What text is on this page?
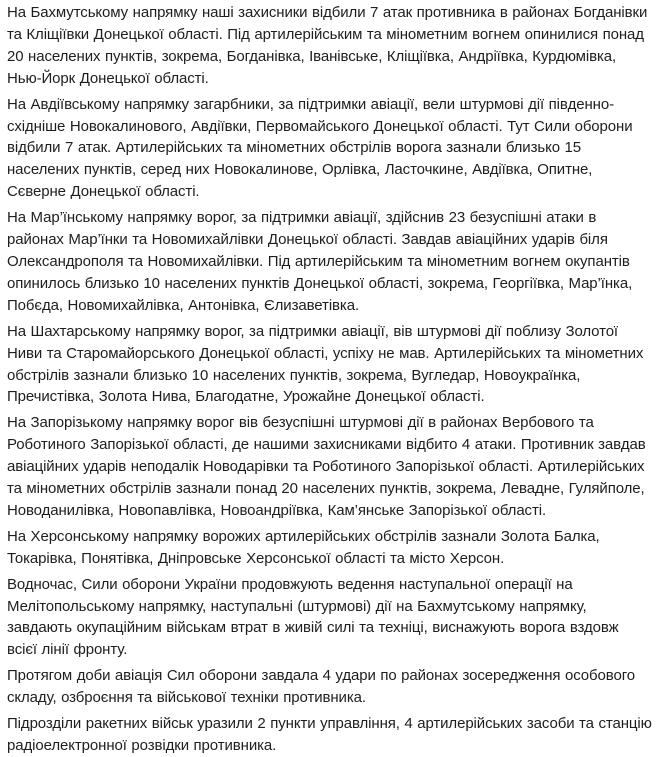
На Бахмутському напрямку наші захисники відбили 7 атак противника в районах Богданівки та Кліщіївки Донецької області. Під артилерійським та мінометним вогнем опинилися понад 20 населених пунктів, зокрема, Богданівка, Іванівське, Кліщіївка, Андріївка, Курдюмівка, Нью-Йорк Донецької області.

На Авдіївському напрямку загарбники, за підтримки авіації, вели штурмові дії південно-східніше Новокалинового, Авдіївки, Первомайського Донецької області. Тут Сили оборони відбили 7 атак. Артилерійських та мінометних обстрілів ворога зазнали близько 15 населених пунктів, серед них Новокалинове, Орлівка, Ласточкине, Авдіївка, Опитне, Сєверне Донецької області.

На Мар’їнському напрямку ворог, за підтримки авіації, здійснив 23 безуспішні атаки в районах Мар’їнки та Новомихайлівки Донецької області. Завдав авіаційних ударів біля Олександрополя та Новомихайлівки. Під артилерійським та мінометним вогнем окупантів опинилось близько 10 населених пунктів Донецької області, зокрема, Георгіївка, Мар’їнка, Побєда, Новомихайлівка, Антонівка, Єлизаветівка.

На Шахтарському напрямку ворог, за підтримки авіації, вів штурмові дії поблизу Золотої Ниви та Старомайорського Донецької області, успіху не мав. Артилерійських та мінометних обстрілів зазнали близько 10 населених пунктів, зокрема, Вугледар, Новоукраїнка, Пречистівка, Золота Нива, Благодатне, Урожайне Донецької області.

На Запорізькому напрямку ворог вів безуспішні штурмові дії в районах Вербового та Роботиного Запорізької області, де нашими захисниками відбито 4 атаки. Противник завдав авіаційних ударів неподалік Новодарівки та Роботиного Запорізької області. Артилерійських та мінометних обстрілів зазнали понад 20 населених пунктів, зокрема, Левадне, Гуляйполе, Новоданилівка, Новопавлівка, Новоандріївка, Кам’янське Запорізької області.

На Херсонському напрямку ворожих артилерійських обстрілів зазнали Золота Балка, Токарівка, Понятівка, Дніпровське Херсонської області та місто Херсон.

Водночас, Сили оборони України продовжують ведення наступальної операції на Мелітопольському напрямку, наступальні (штурмові) дії на Бахмутському напрямку, завдають окупаційним військам втрат в живій силі та техніці, виснажують ворога вздовж всієї лінії фронту.

Протягом доби авіація Сил оборони завдала 4 удари по районах зосередження особового складу, озброєння та військової техніки противника.

Підрозділи ракетних військ уразили 2 пункти управління, 4 артилерійських засоби та станцію радіоелектронної розвідки противника.
